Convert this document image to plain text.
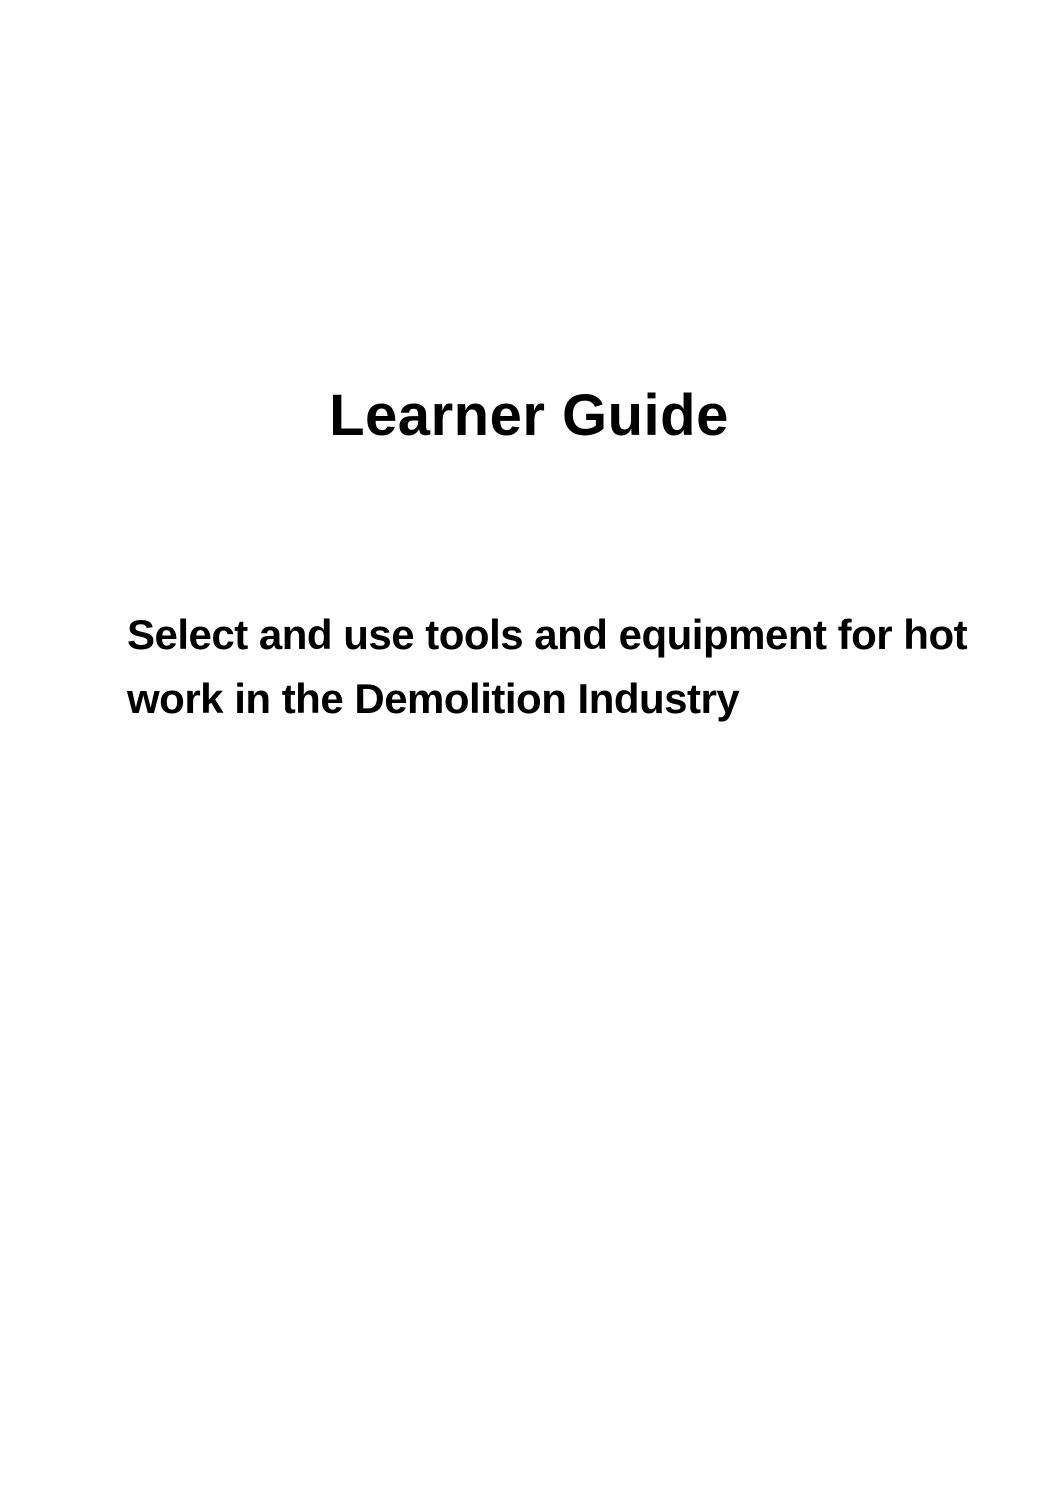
Learner Guide
Select and use tools and equipment for hot
work in the Demolition Industry
